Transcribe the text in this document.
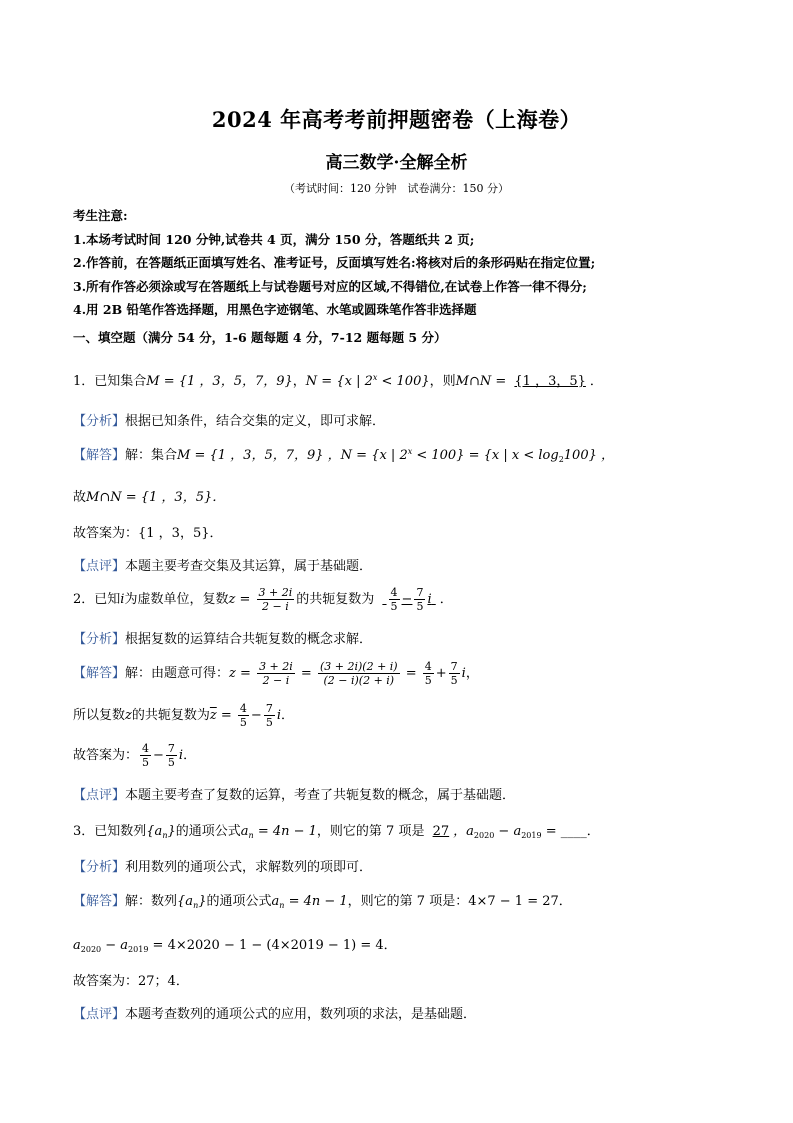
2024 年高考考前押题密卷（上海卷）
高三数学·全解全析
（考试时间：120 分钟　试卷满分：150 分）
考生注意:
1.本场考试时间 120 分钟,试卷共 4 页，满分 150 分，答题纸共 2 页;
2.作答前，在答题纸正面填写姓名、准考证号，反面填写姓名:将核对后的条形码贴在指定位置;
3.所有作答必须涂或写在答题纸上与试卷题号对应的区域,不得错位,在试卷上作答一律不得分;
4.用 2B 铅笔作答选择题，用黑色字迹钢笔、水笔或圆珠笔作答非选择题
一、填空题（满分 54 分，1-6 题每题 4 分，7-12 题每题 5 分）
1．已知集合M = {1 ，3，5，7，9}，N = {x | $2^x < 100$}，则M∩N = {1 ，3，5} ．
【分析】根据已知条件，结合交集的定义，即可求解．
【解答】解：集合M = {1 ，3，5，7，9} ，N = {x | $2^x < 100\} = \{x$ | $x < \log_2100$} ，
故M∩N = {1 ，3，5}．
故答案为：{1 ，3，5}．
【点评】本题主要考查交集及其运算，属于基础题．
2．已知i为虚数单位，复数$z = \frac{3 + 2i}{2 - i}$ 的共轭复数为 $\frac{4}{5} - \frac{7}{5}$ i ．
【分析】根据复数的运算结合共轭复数的概念求解．
【解答】解：由题意可得：$z = \frac{3 + 2i}{2 - i} = \frac{(3 + 2i)(2 + i)}{(2 - i)(2 + i)} = \frac{4}{5} + \frac{7}{5}$ i，
所以复数z的共轭复数为$\overline{z} = \frac{4}{5} - \frac{7}{5}$ i．
故答案为： $\frac{4}{5} - \frac{7}{5}$ i．
【点评】本题主要考查了复数的运算，考查了共轭复数的概念，属于基础题．
3．已知数列$\{a_n\}$的通项公式$a_n = 4n - 1$，则它的第 7 项是 27 ，$a_{2020} - a_{2019}$ = ____．
【分析】利用数列的通项公式，求解数列的项即可．
【解答】解：数列$\{a_n\}$的通项公式$a_n = 4n - 1$，则它的第 7 项是：4×7 − 1 = 27．
$a_{2020} - a_{2019} = 4\times 2020 - 1 - (4\times 2019 - 1) = 4$．
故答案为：27；4．
【点评】本题考查数列的通项公式的应用，数列项的求法，是基础题．
